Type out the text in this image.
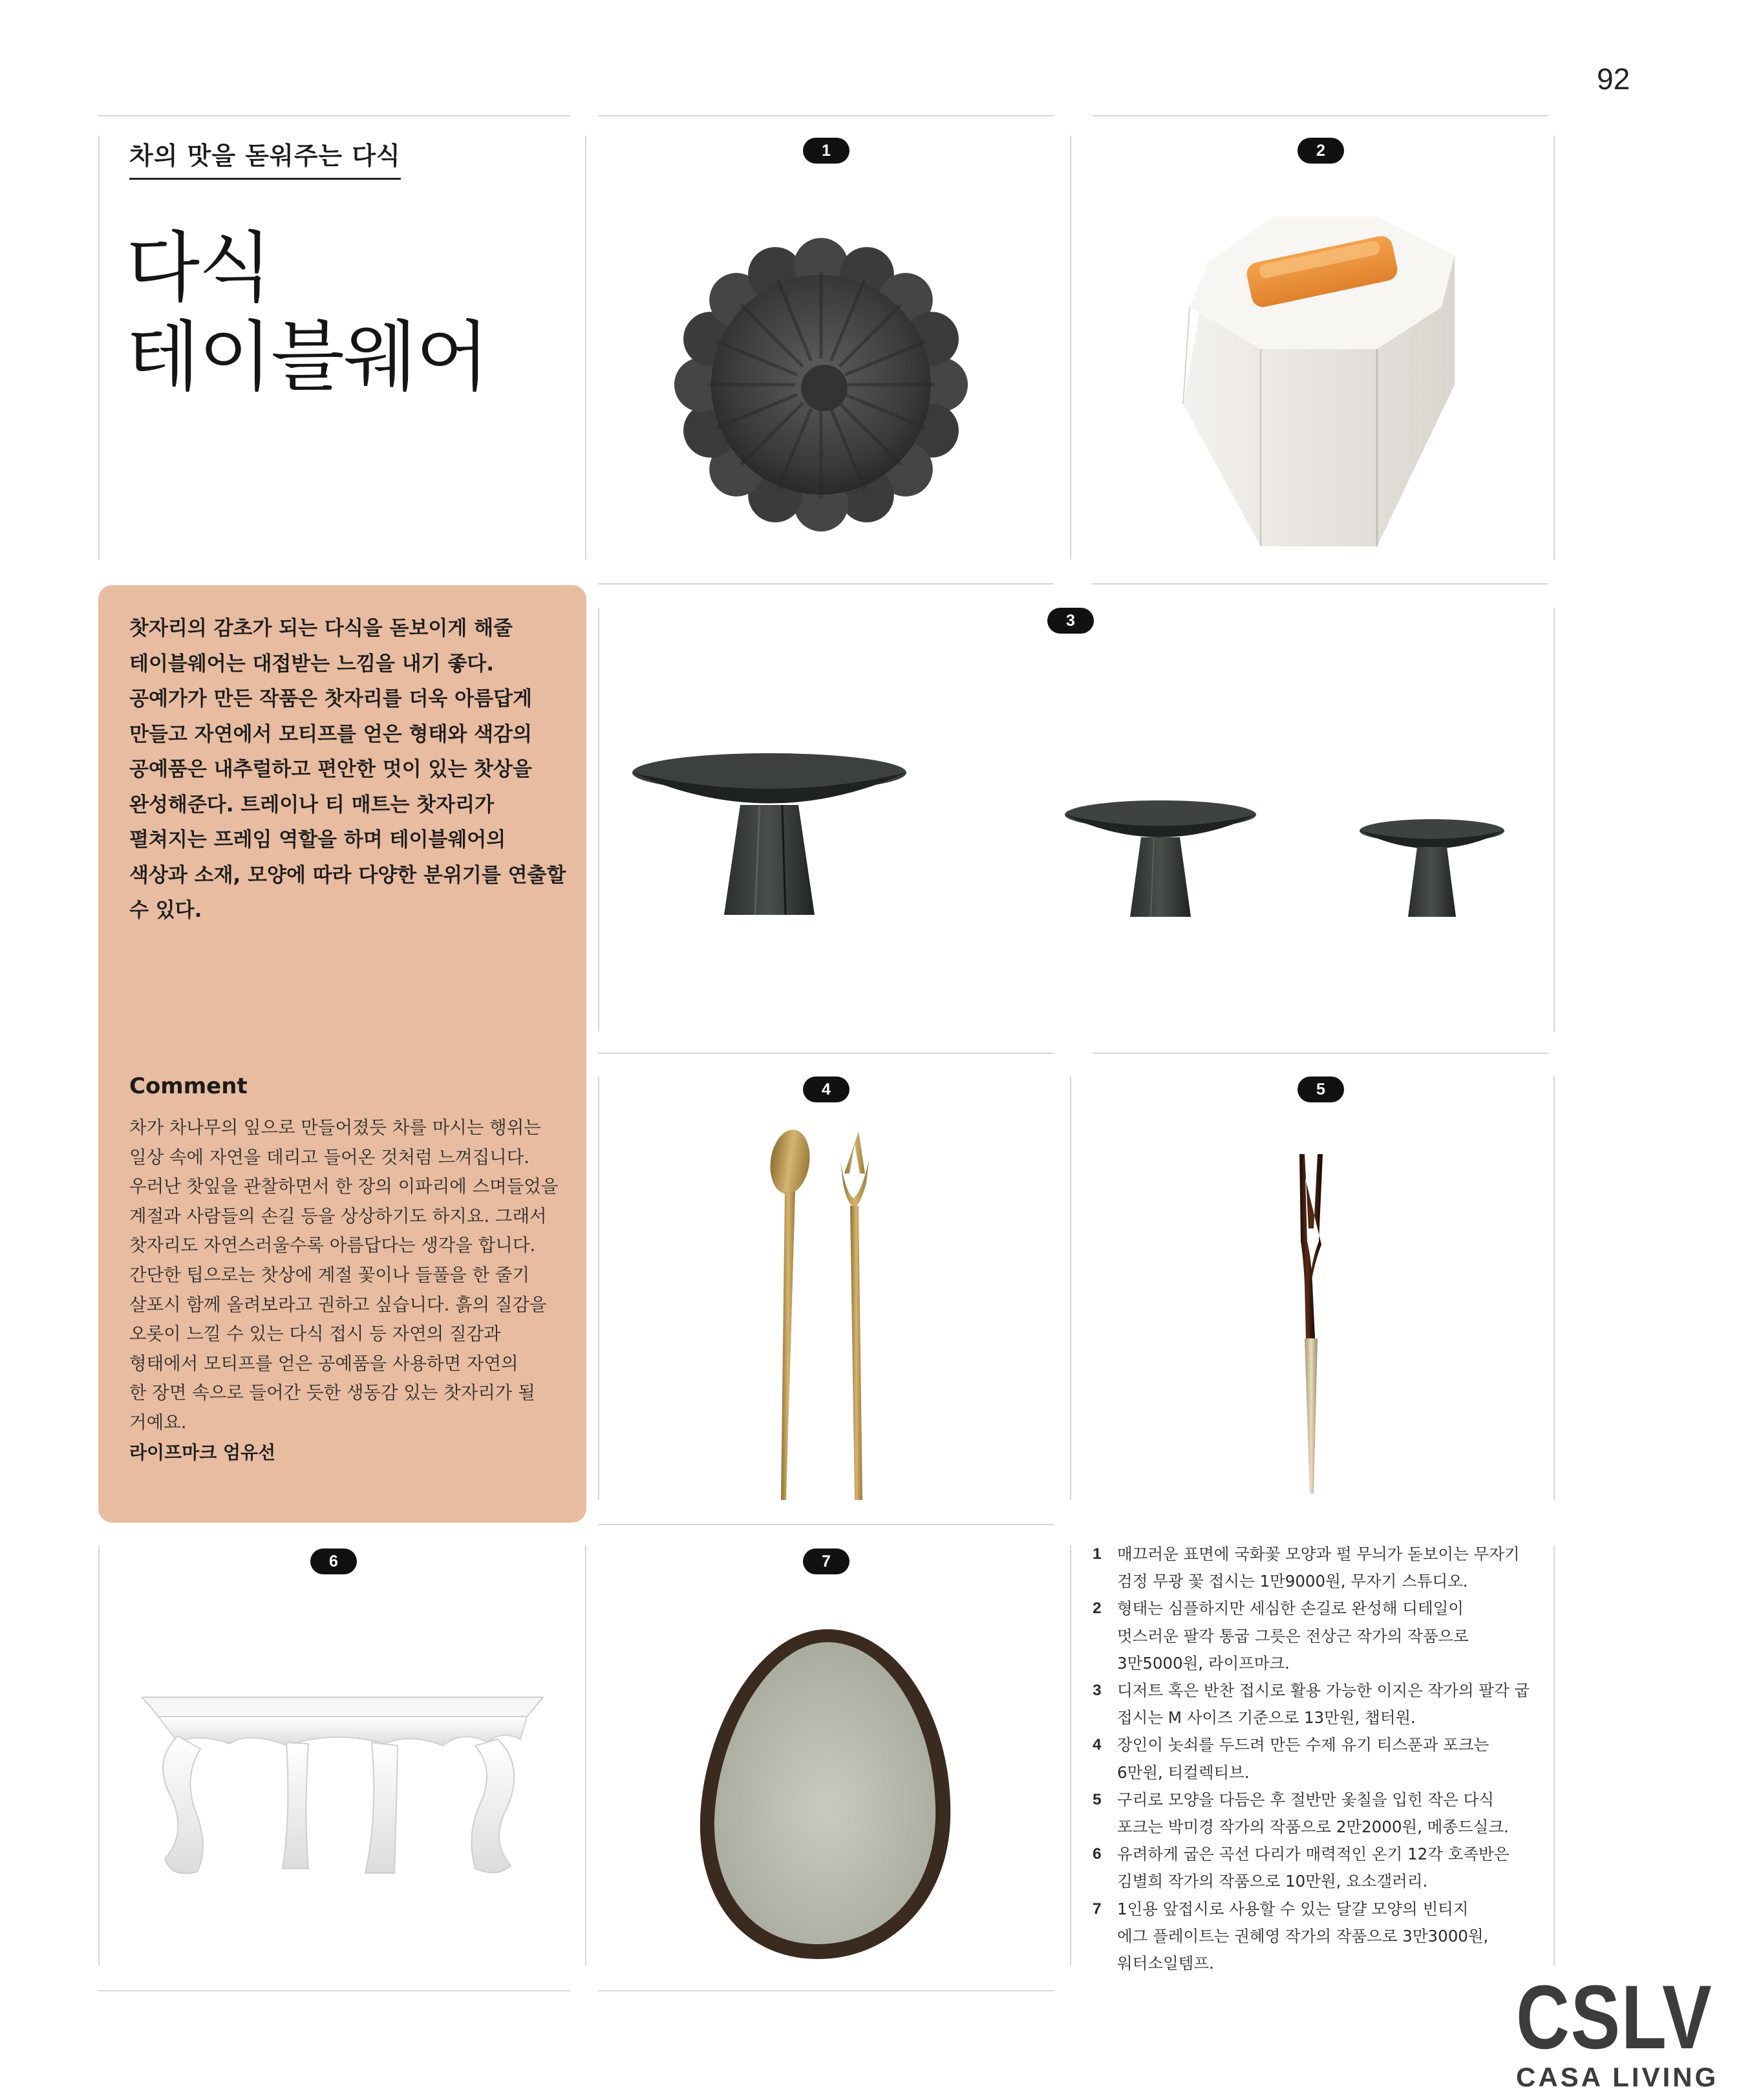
92
차의 맛을 돋워주는 다식
다식
테이블웨어
찻자리의 감초가 되는 다식을 돋보이게 해줄
테이블웨어는 대접받는 느낌을 내기 좋다.
공예가가 만든 작품은 찻자리를 더욱 아름답게
만들고 자연에서 모티프를 얻은 형태와 색감의
공예품은 내추럴하고 편안한 멋이 있는 찻상을
완성해준다. 트레이나 티 매트는 찻자리가
펼쳐지는 프레임 역할을 하며 테이블웨어의
색상과 소재, 모양에 따라 다양한 분위기를 연출할
수 있다.
Comment
차가 차나무의 잎으로 만들어졌듯 차를 마시는 행위는
일상 속에 자연을 데리고 들어온 것처럼 느껴집니다.
우러난 찻잎을 관찰하면서 한 장의 이파리에 스며들었을
계절과 사람들의 손길 등을 상상하기도 하지요. 그래서
찻자리도 자연스러울수록 아름답다는 생각을 합니다.
간단한 팁으로는 찻상에 계절 꽃이나 들풀을 한 줄기
살포시 함께 올려보라고 권하고 싶습니다. 흙의 질감을
오롯이 느낄 수 있는 다식 접시 등 자연의 질감과
형태에서 모티프를 얻은 공예품을 사용하면 자연의
한 장면 속으로 들어간 듯한 생동감 있는 찻자리가 될
거예요.
라이프마크 엄유선
1	2
3
4	5
6	7	1 매끄러운 표면에 국화꽃 모양과 펄 무늬가 돋보이는 무자기
검정 무광 꽃 접시는 1만9000원, 무자기 스튜디오.
2 형태는 심플하지만 세심한 손길로 완성해 디테일이
멋스러운 팔각 통굽 그릇은 전상근 작가의 작품으로
3만5000원, 라이프마크.
3 디저트 혹은 반찬 접시로 활용 가능한 이지은 작가의 팔각 굽
접시는 M 사이즈 기준으로 13만원, 챕터원.
4 장인이 놋쇠를 두드려 만든 수제 유기 티스푼과 포크는
6만원, 티컬렉티브.
5 구리로 모양을 다듬은 후 절반만 옻칠을 입힌 작은 다식
포크는 박미경 작가의 작품으로 2만2000원, 메종드실크.
6 유려하게 굽은 곡선 다리가 매력적인 온기 12각 호족반은
김별희 작가의 작품으로 10만원, 요소갤러리.
7 1인용 앞접시로 사용할 수 있는 달걀 모양의 빈티지
에그 플레이트는 권혜영 작가의 작품으로 3만3000원,
워터소일템프.
CSLV
CASA LIVING
